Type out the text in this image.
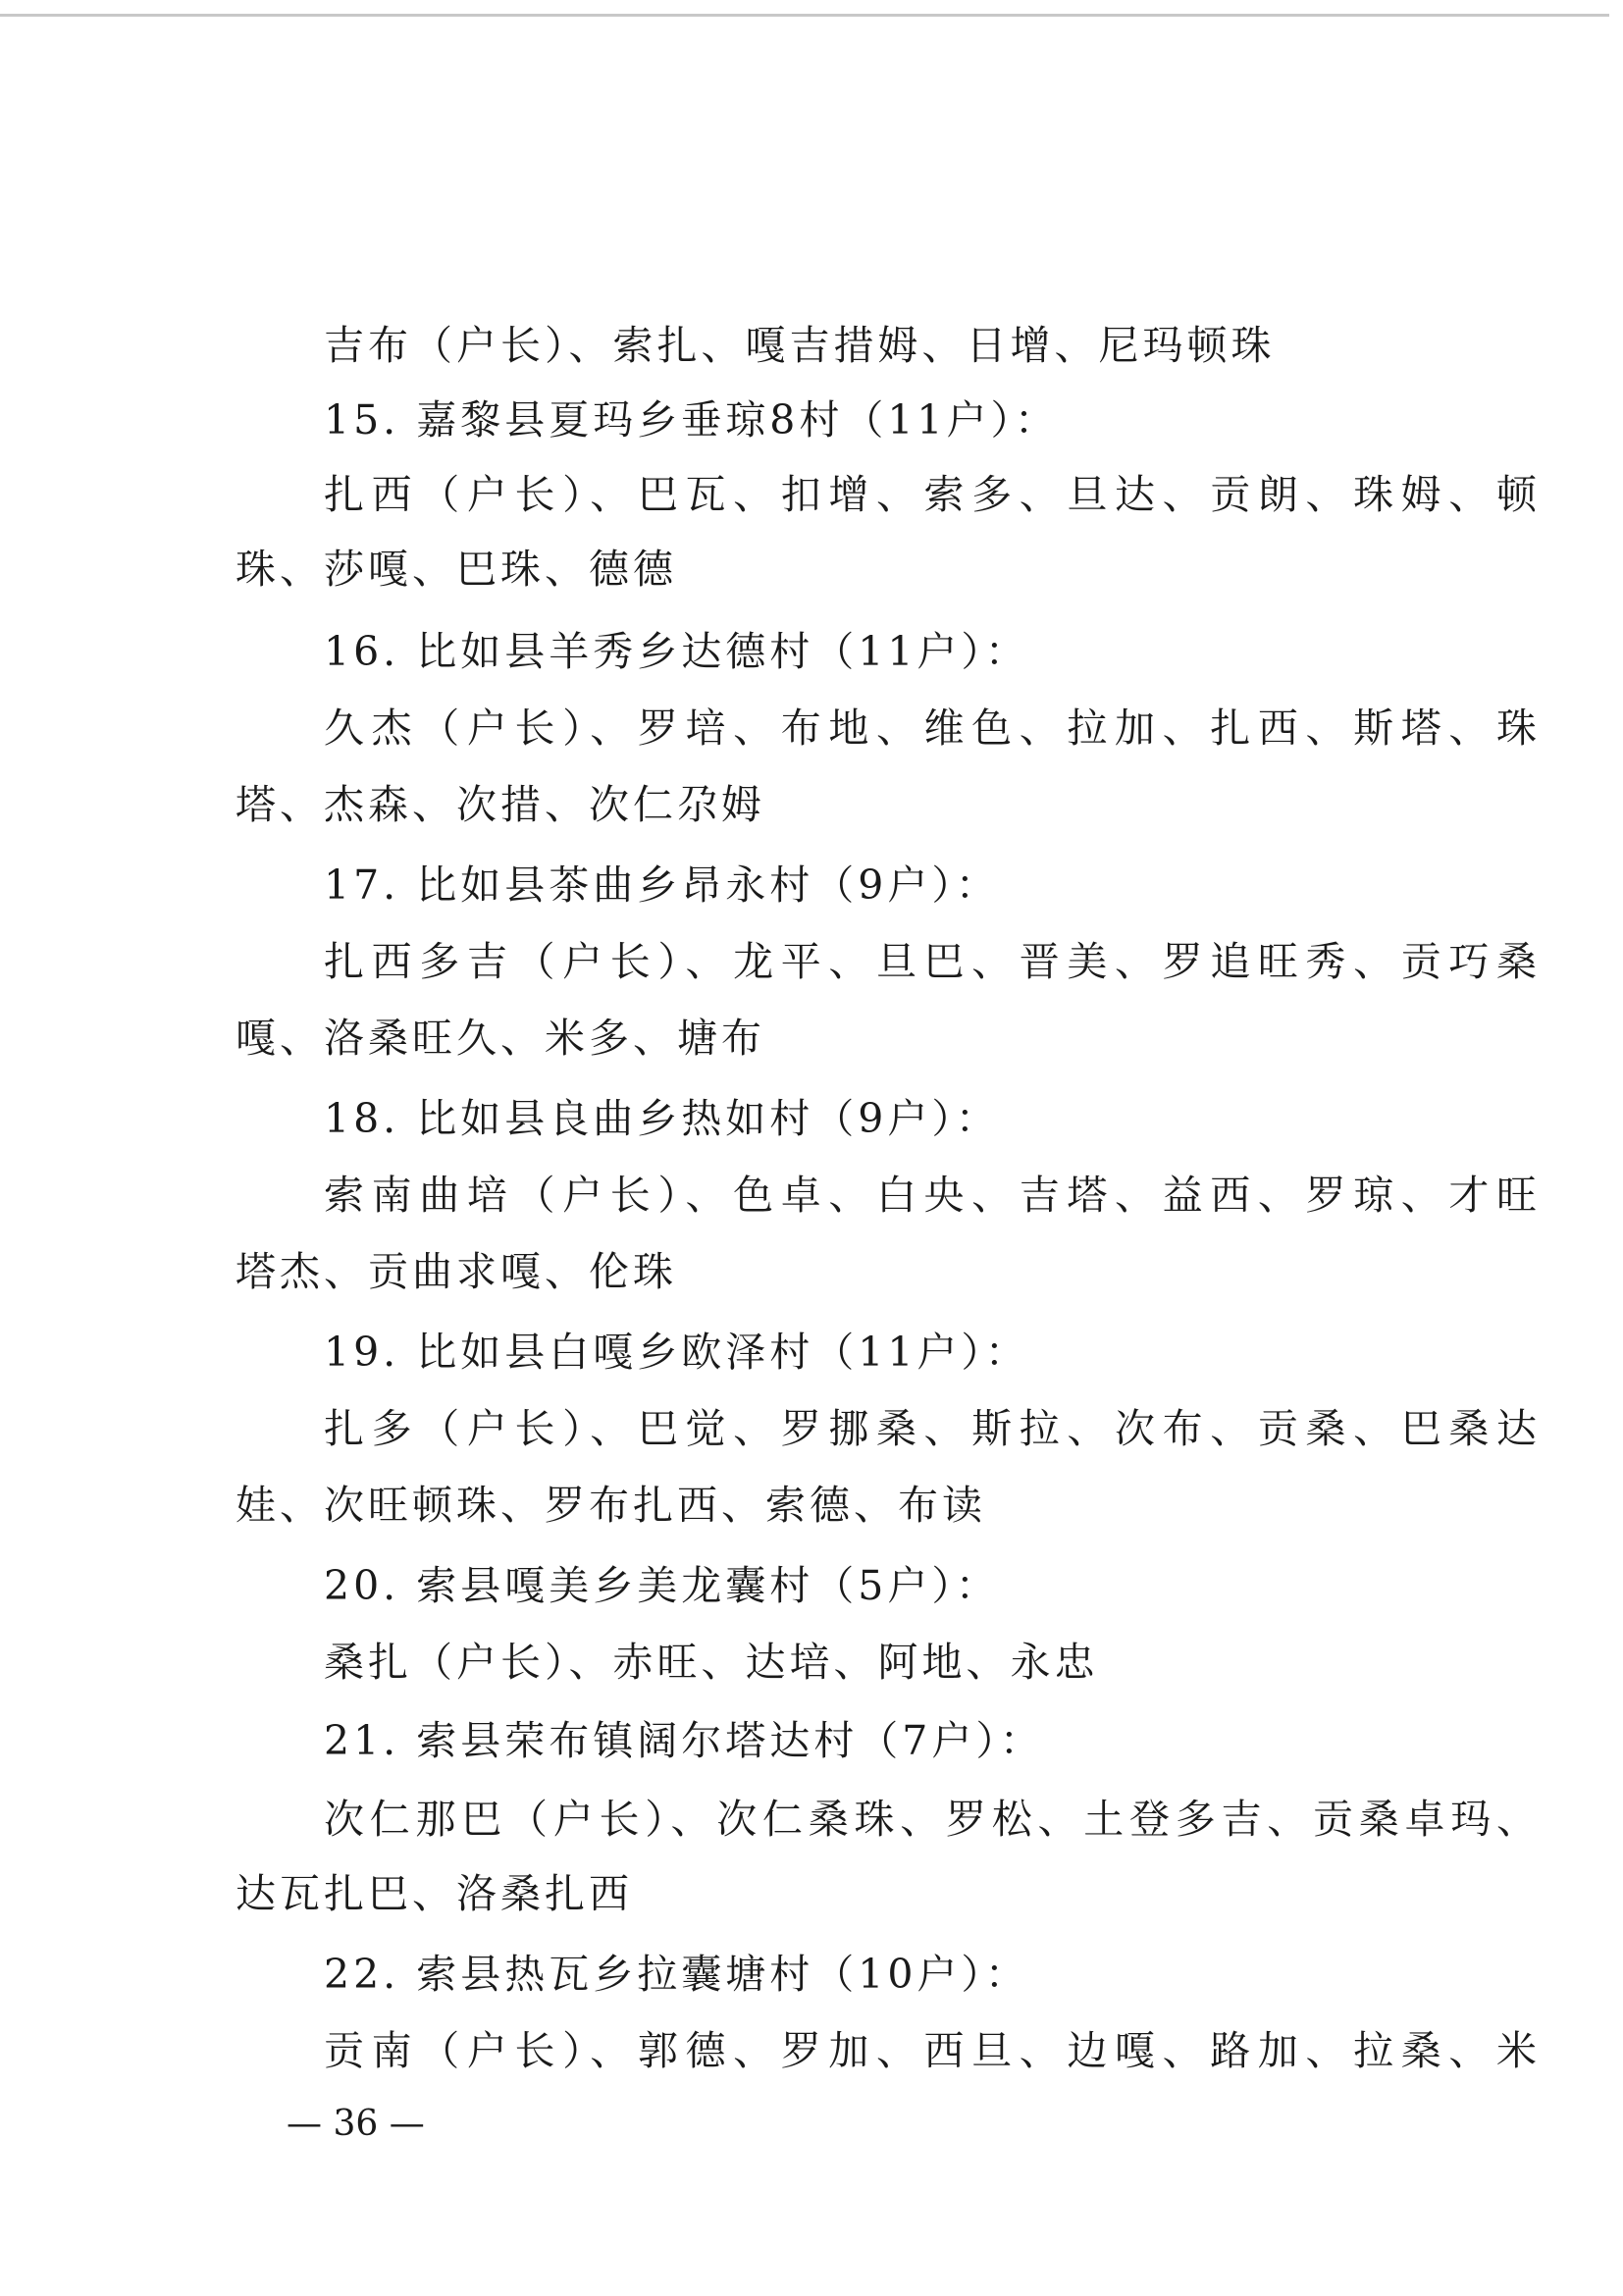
吉布（户长）、索扎、嘎吉措姆、日增、尼玛顿珠
15. 嘉黎县夏玛乡垂琼8村（11户）：
扎西（户长）、巴瓦、扣增、索多、旦达、贡朗、珠姆、顿
珠、莎嘎、巴珠、德德
16. 比如县羊秀乡达德村（11户）：
久杰（户长）、罗培、布地、维色、拉加、扎西、斯塔、珠
塔、杰森、次措、次仁尕姆
17. 比如县茶曲乡昂永村（9户）：
扎西多吉（户长）、龙平、旦巴、晋美、罗追旺秀、贡巧桑
嘎、洛桑旺久、米多、塘布
18. 比如县良曲乡热如村（9户）：
索南曲培（户长）、色卓、白央、吉塔、益西、罗琼、才旺
塔杰、贡曲求嘎、伦珠
19. 比如县白嘎乡欧泽村（11户）：
扎多（户长）、巴觉、罗挪桑、斯拉、次布、贡桑、巴桑达
娃、次旺顿珠、罗布扎西、索德、布读
20. 索县嘎美乡美龙囊村（5户）：
桑扎（户长）、赤旺、达培、阿地、永忠
21. 索县荣布镇阔尔塔达村（7户）：
次仁那巴（户长）、次仁桑珠、罗松、土登多吉、贡桑卓玛、
达瓦扎巴、洛桑扎西
22. 索县热瓦乡拉囊塘村（10户）：
贡南（户长）、郭德、罗加、西旦、边嘎、路加、拉桑、米
— 36 —
